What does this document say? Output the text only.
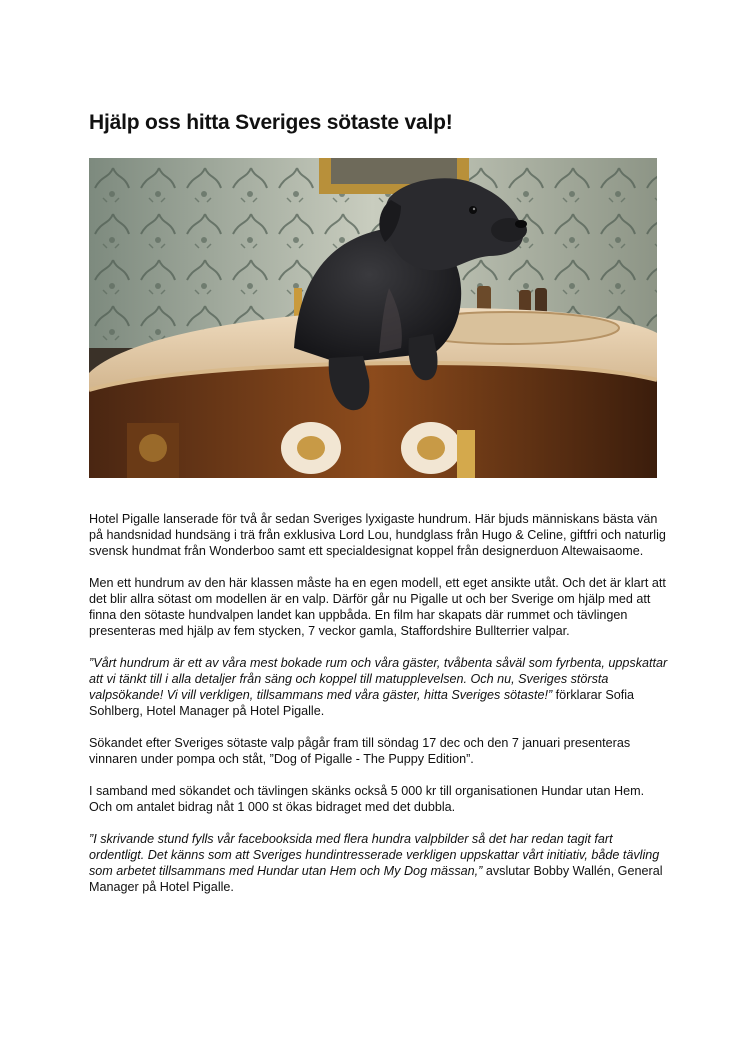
Hjälp oss hitta Sveriges sötaste valp!

Hotel Pigalle lanserade för två år sedan Sveriges lyxigaste hundrum. Här bjuds människans bästa vän på handsnidad hundsäng i trä från exklusiva Lord Lou, hundglass från Hugo & Celine, giftfri och naturlig svensk hundmat från Wonderboo samt ett specialdesignat koppel från designerduon Altewaisaome.

Men ett hundrum av den här klassen måste ha en egen modell, ett eget ansikte utåt. Och det är klart att det blir allra sötast om modellen är en valp. Därför går nu Pigalle ut och ber Sverige om hjälp med att finna den sötaste hundvalpen landet kan uppbåda. En film har skapats där rummet och tävlingen presenteras med hjälp av fem stycken, 7 veckor gamla, Staffordshire Bullterrier valpar.

”Vårt hundrum är ett av våra mest bokade rum och våra gäster, tvåbenta såväl som fyrbenta, uppskattar att vi tänkt till i alla detaljer från säng och koppel till matupplevelsen. Och nu, Sveriges största valpsökande! Vi vill verkligen, tillsammans med våra gäster, hitta Sveriges sötaste!” förklarar Sofia Sohlberg, Hotel Manager på Hotel Pigalle.

Sökandet efter Sveriges sötaste valp pågår fram till söndag 17 dec och den 7 januari presenteras vinnaren under pompa och ståt, ”Dog of Pigalle - The Puppy Edition”.

I samband med sökandet och tävlingen skänks också 5 000 kr till organisationen Hundar utan Hem. Och om antalet bidrag nåt 1 000 st ökas bidraget med det dubbla.

”I skrivande stund fylls vår facebooksida med flera hundra valpbilder så det har redan tagit fart ordentligt. Det känns som att Sveriges hundintresserade verkligen uppskattar vårt initiativ, både tävling som arbetet tillsammans med Hundar utan Hem och My Dog mässan,” avslutar Bobby Wallén, General Manager på Hotel Pigalle.
